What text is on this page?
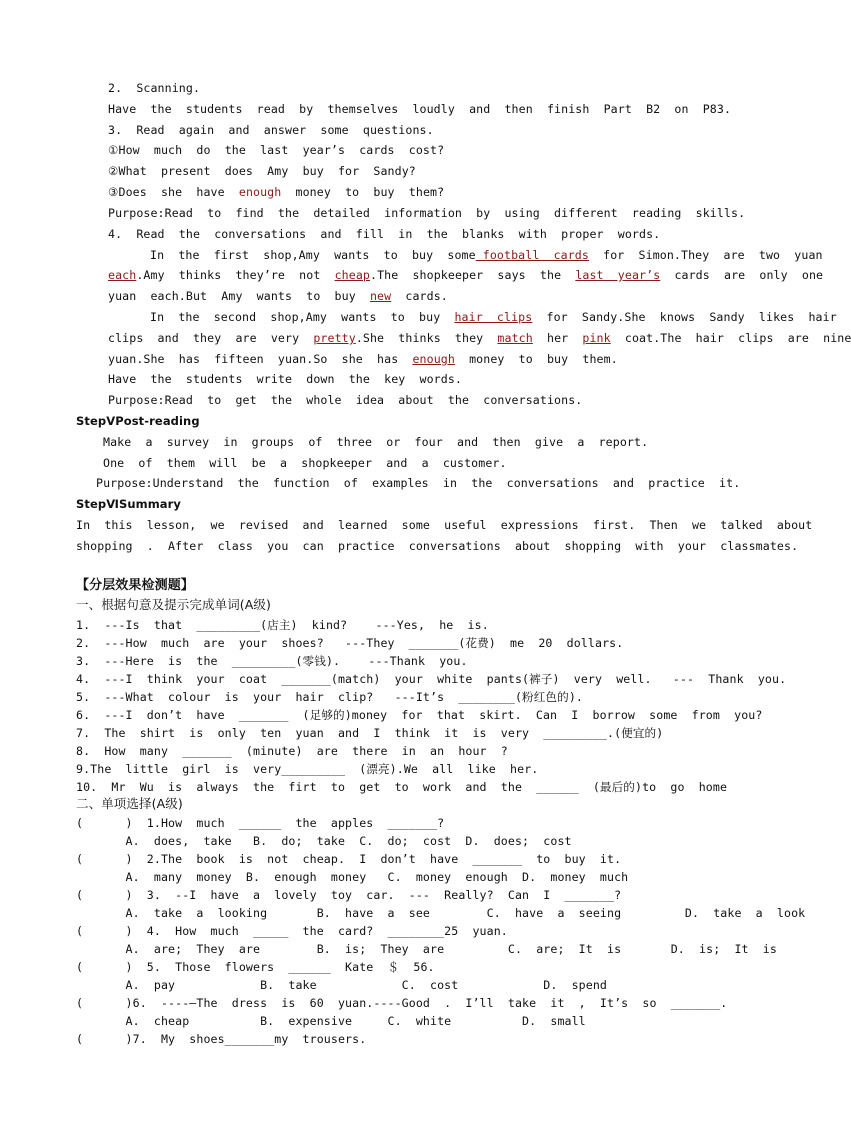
2.  Scanning.
Have  the  students  read  by  themselves  loudly  and  then  finish  Part  B2  on  P83.
3.  Read  again  and  answer  some  questions.
①How  much  do  the  last  year’s  cards  cost?
②What  present  does  Amy  buy  for  Sandy?
③Does  she  have  enough  money  to  buy  them?
Purpose:Read  to  find  the  detailed  information  by  using  different  reading  skills.
4.  Read  the  conversations  and  fill  in  the  blanks  with  proper  words.
In  the  first  shop,Amy  wants  to  buy  some football  cards  for  Simon.They  are  two  yuan
each.Amy  thinks  they’re  not  cheap.The  shopkeeper  says  the  last  year’s  cards  are  only  one
yuan  each.But  Amy  wants  to  buy  new  cards.
In  the  second  shop,Amy  wants  to  buy  hair  clips  for  Sandy.She  knows  Sandy  likes  hair
clips  and  they  are  very  pretty.She  thinks  they  match  her  pink  coat.The  hair  clips  are  nine
yuan.She  has  fifteen  yuan.So  she  has  enough  money  to  buy  them.
Have  the  students  write  down  the  key  words.
Purpose:Read  to  get  the  whole  idea  about  the  conversations.
StepⅤPost-reading
Make  a  survey  in  groups  of  three  or  four  and  then  give  a  report.
One  of  them  will  be  a  shopkeeper  and  a  customer.
Purpose:Understand  the  function  of  examples  in  the  conversations  and  practice  it.
StepⅥSummary
In  this  lesson,  we  revised  and  learned  some  useful  expressions  first.  Then  we  talked  about
shopping  .  After  class  you  can  practice  conversations  about  shopping  with  your  classmates.
【分层效果检测题】
一、根据句意及提示完成单词(A级)
1.  ---Is  that  _________(店主)  kind?    ---Yes,  he  is.
2.  ---How  much  are  your  shoes?   ---They  _______(花费)  me  20  dollars.
3.  ---Here  is  the  _________(零钱).    ---Thank  you.
4.  ---I  think  your  coat  _______(match)  your  white  pants(裤子)  very  well.   ---  Thank  you.
5.  ---What  colour  is  your  hair  clip?   ---It’s  ________(粉红色的).
6.  ---I  don’t  have  _______  (足够的)money  for  that  skirt.  Can  I  borrow  some  from  you?
7.  The  shirt  is  only  ten  yuan  and  I  think  it  is  very  _________.(便宜的)
8.  How  many  _______  (minute)  are  there  in  an  hour  ?
9.The  little  girl  is  very_________  (漂亮).We  all  like  her.
10.  Mr  Wu  is  always  the  firt  to  get  to  work  and  the  ______  (最后的)to  go  home
二、单项选择(A级)
(      )  1.How  much  ______  the  apples  _______?
A.  does,  take   B.  do;  take  C.  do;  cost  D.  does;  cost
(      )  2.The  book  is  not  cheap.  I  don’t  have  _______  to  buy  it.
A.  many  money  B.  enough  money   C.  money  enough  D.  money  much
(      )  3.  --I  have  a  lovely  toy  car.  ---  Really?  Can  I  _______?
A.  take  a  looking       B.  have  a  see        C.  have  a  seeing         D.  take  a  look
(      )  4.  How  much  _____  the  card?  ________25  yuan.
A.  are;  They  are        B.  is;  They  are         C.  are;  It  is       D.  is;  It  is
(      )  5.  Those  flowers  ______  Kate  ＄  56.
A.  pay            B.  take            C.  cost            D.  spend
(      )6.  ----–The  dress  is  60  yuan.----Good  .  I’ll  take  it  ,  It’s  so  _______.
A.  cheap          B.  expensive     C.  white          D.  small
(      )7.  My  shoes_______my  trousers.
